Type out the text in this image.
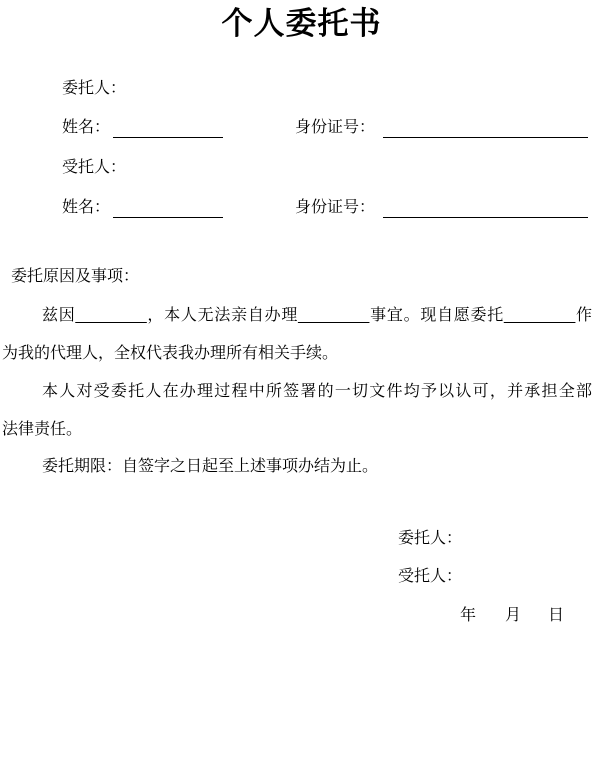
个人委托书
委托人：
姓名：	身份证号：
受托人：
姓名：	身份证号：
委托原因及事项：

兹因________，本人无法亲自办理________事宜。现自愿委托________作

为我的代理人，全权代表我办理所有相关手续。

本人对受委托人在办理过程中所签署的一切文件均予以认可，并承担全部

法律责任。

委托期限：自签字之日起至上述事项办结为止。

委托人：
受托人：
年 月 日
